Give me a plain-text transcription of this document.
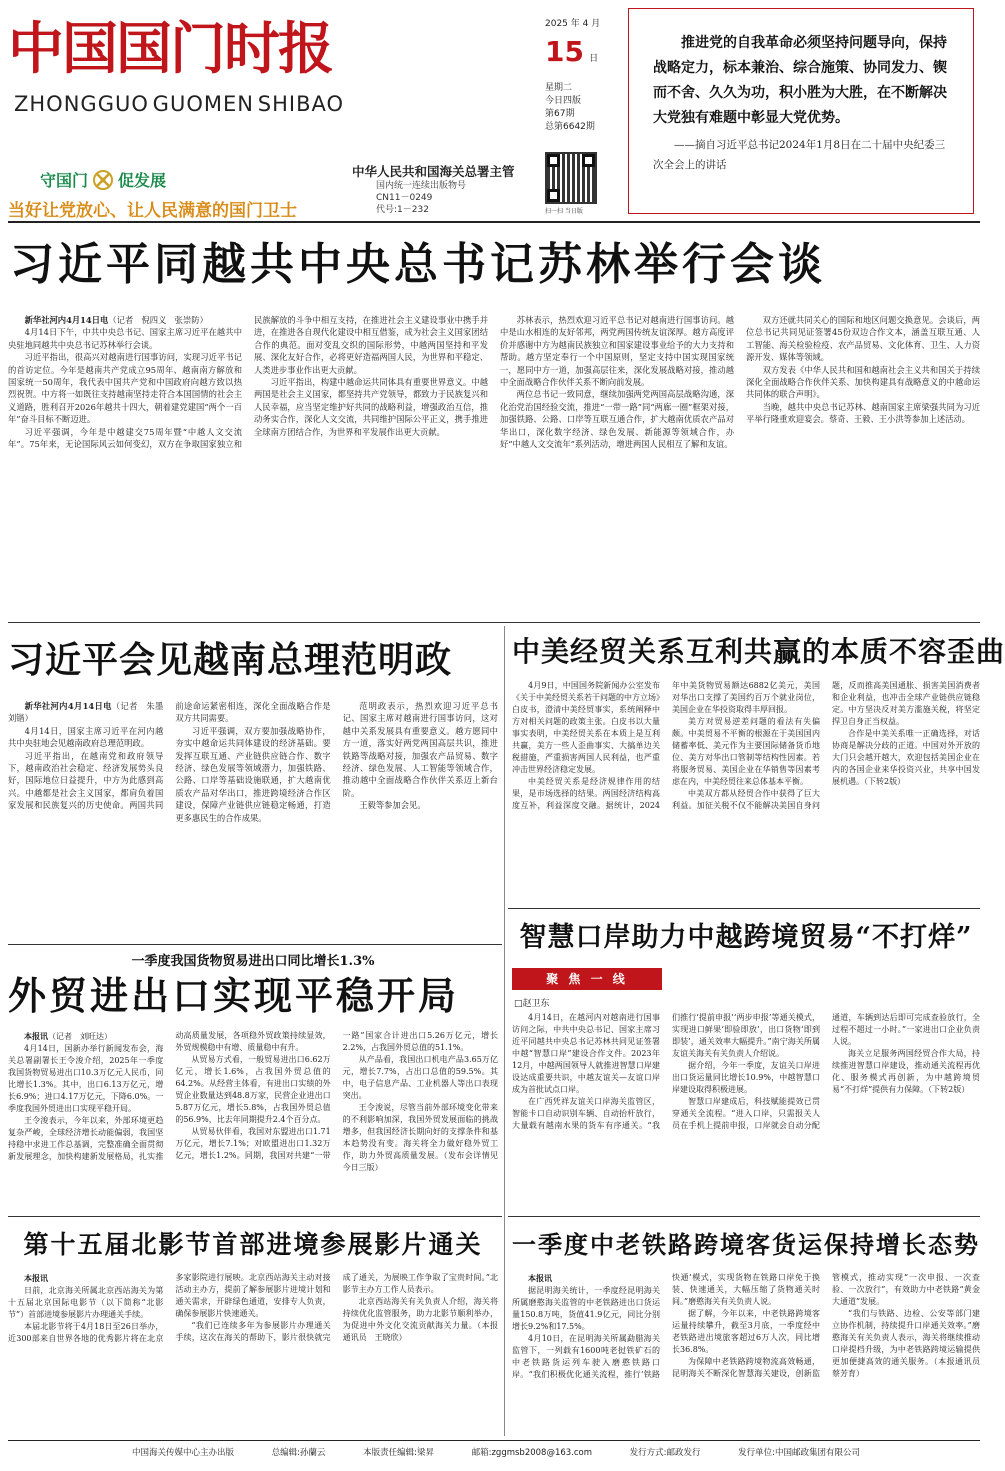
中国国门时报
ZHONGGUO GUOMEN SHIBAO
守国门 促发展
当好让党放心、让人民满意的国门卫士
中华人民共和国海关总署主管
国内统一连续出版物号
CN11－0249
代号:1－232
2025 年 4 月
15 日
星期二
今日四版
第67期
总第6642期
扫一扫 当日版
推进党的自我革命必须坚持问题导向，保持战略定力，标本兼治、综合施策、协同发力、锲而不舍、久久为功，积小胜为大胜，在不断解决大党独有难题中彰显大党优势。
——摘自习近平总书记2024年1月8日在二十届中央纪委三次全会上的讲话
习近平同越共中央总书记苏林举行会谈

新华社河内4月14日电（记者　倪四义　张崇防）

4月14日下午，中共中央总书记、国家主席习近平在越共中央驻地同越共中央总书记苏林举行会谈。

习近平指出，很高兴对越南进行国事访问，实现习近平书记的首访定位。今年是越南共产党成立95周年、越南南方解放和国家统一50周年，我代表中国共产党和中国政府向越方致以热烈祝贺。中方将一如既往支持越南坚持走符合本国国情的社会主义道路，胜利召开2026年越共十四大，朝着建党建国“两个一百年”奋斗目标不断迈进。

习近平强调，今年是中越建交75周年暨“中越人文交流年”。75年来，无论国际风云如何变幻，双方在争取国家独立和民族解放的斗争中相互支持，在推进社会主义建设事业中携手并进，在推进各自现代化建设中相互借鉴，成为社会主义国家团结合作的典范。面对变乱交织的国际形势，中越两国坚持和平发展、深化友好合作，必将更好造福两国人民，为世界和平稳定、人类进步事业作出更大贡献。

习近平指出，构建中越命运共同体具有重要世界意义。中越两国是社会主义国家，都坚持共产党领导，都致力于民族复兴和人民幸福，应当坚定维护好共同的战略利益，增强政治互信，推动务实合作，深化人文交流，共同维护国际公平正义，携手推进全球南方团结合作，为世界和平发展作出更大贡献。

苏林表示，热烈欢迎习近平总书记对越南进行国事访问。越中是山水相连的友好邻邦，两党两国传统友谊深厚。越方高度评价并感谢中方为越南民族独立和国家建设事业给予的大力支持和帮助。越方坚定奉行一个中国原则，坚定支持中国实现国家统一，愿同中方一道，加强高层往来，深化发展战略对接，推动越中全面战略合作伙伴关系不断向前发展。

两位总书记一致同意，继续加强两党两国高层战略沟通，深化治党治国经验交流，推进“一带一路”同“两廊一圈”框架对接，加强铁路、公路、口岸等互联互通合作，扩大越南优质农产品对华出口，深化数字经济、绿色发展、新能源等领域合作，办好“中越人文交流年”系列活动，增进两国人民相互了解和友谊。

双方还就共同关心的国际和地区问题交换意见。会谈后，两位总书记共同见证签署45份双边合作文本，涵盖互联互通、人工智能、海关检验检疫、农产品贸易、文化体育、卫生、人力资源开发、媒体等领域。

双方发表《中华人民共和国和越南社会主义共和国关于持续深化全面战略合作伙伴关系、加快构建具有战略意义的中越命运共同体的联合声明》。

当晚，越共中央总书记苏林、越南国家主席梁强共同为习近平举行隆重欢迎宴会。蔡奇、王毅、王小洪等参加上述活动。

习近平会见越南总理范明政

新华社河内4月14日电（记者　朱墨　刘锴）

4月14日，国家主席习近平在河内越共中央驻地会见越南政府总理范明政。

习近平指出，在越南党和政府领导下，越南政治社会稳定、经济发展势头良好，国际地位日益提升，中方为此感到高兴。中越都是社会主义国家，都肩负着国家发展和民族复兴的历史使命。两国共同前途命运紧密相连，深化全面战略合作是双方共同需要。

习近平强调，双方要加强战略协作，夯实中越命运共同体建设的经济基础。要发挥互联互通、产业链供应链合作、数字经济、绿色发展等领域潜力，加强铁路、公路、口岸等基础设施联通，扩大越南优质农产品对华出口，推进跨境经济合作区建设，保障产业链供应链稳定畅通，打造更多惠民生的合作成果。

范明政表示，热烈欢迎习近平总书记、国家主席对越南进行国事访问，这对越中关系发展具有重要意义。越方愿同中方一道，落实好两党两国高层共识，推进铁路等战略对接，加强农产品贸易、数字经济、绿色发展、人工智能等领域合作，推动越中全面战略合作伙伴关系迈上新台阶。

王毅等参加会见。

中美经贸关系互利共赢的本质不容歪曲

4月9日，中国国务院新闻办公室发布《关于中美经贸关系若干问题的中方立场》白皮书，澄清中美经贸事实，系统阐释中方对相关问题的政策主张。白皮书以大量事实表明，中美经贸关系在本质上是互利共赢，美方一些人歪曲事实、大搞单边关税措施，严重损害两国人民利益，也严重冲击世界经济稳定发展。

中美经贸关系是经济规律作用的结果，是市场选择的结果。两国经济结构高度互补，利益深度交融。据统计，2024年中美货物贸易额达6882亿美元，美国对华出口支撑了美国约百万个就业岗位，美国企业在华投资取得丰厚回报。

美方对贸易逆差问题的看法有失偏颇。中美贸易不平衡的根源在于美国国内储蓄率低、美元作为主要国际储备货币地位、美方对华出口管制等结构性因素。若将服务贸易、美国企业在华销售等因素考虑在内，中美经贸往来总体基本平衡。

中美双方都从经贸合作中获得了巨大利益。加征关税不仅不能解决美国自身问题，反而推高美国通胀、损害美国消费者和企业利益，也冲击全球产业链供应链稳定。中方坚决反对美方滥施关税，将坚定捍卫自身正当权益。

合作是中美关系唯一正确选择，对话协商是解决分歧的正道。中国对外开放的大门只会越开越大，欢迎包括美国企业在内的各国企业来华投资兴业，共享中国发展机遇。（下转2版）

一季度我国货物贸易进出口同比增长1.3%
外贸进出口实现平稳开局

本报讯（记者　刘旺达）

4月14日，国新办举行新闻发布会，海关总署副署长王令浚介绍，2025年一季度我国货物贸易进出口10.3万亿元人民币，同比增长1.3%。其中，出口6.13万亿元，增长6.9%；进口4.17万亿元，下降6.0%。一季度我国外贸进出口实现平稳开局。

王令浚表示，今年以来，外部环境更趋复杂严峻，全球经济增长动能偏弱，我国坚持稳中求进工作总基调，完整准确全面贯彻新发展理念，加快构建新发展格局，扎实推动高质量发展，各项稳外贸政策持续显效，外贸规模稳中有增、质量稳中有升。

从贸易方式看，一般贸易进出口6.62万亿元，增长1.6%，占我国外贸总值的64.2%。从经营主体看，有进出口实绩的外贸企业数量达到48.8万家，民营企业进出口5.87万亿元，增长5.8%，占我国外贸总值的56.9%，比去年同期提升2.4个百分点。

从贸易伙伴看，我国对东盟进出口1.71万亿元，增长7.1%；对欧盟进出口1.32万亿元，增长1.2%。同期，我国对共建“一带一路”国家合计进出口5.26万亿元，增长2.2%，占我国外贸总值的51.1%。

从产品看，我国出口机电产品3.65万亿元，增长7.7%，占出口总值的59.5%。其中，电子信息产品、工业机器人等出口表现突出。

王令浚说，尽管当前外部环境变化带来的不利影响加深，我国外贸发展面临的挑战增多，但我国经济长期向好的支撑条件和基本趋势没有变。海关将全力做好稳外贸工作，助力外贸高质量发展。（发布会详情见今日三版）

智慧口岸助力中越跨境贸易“不打烊”
聚 焦 一 线
□赵卫东

4月14日，在越河内对越南进行国事访问之际，中共中央总书记、国家主席习近平同越共中央总书记苏林共同见证签署中越“智慧口岸”建设合作文件。2023年12月，中越两国领导人就推进智慧口岸建设达成重要共识，中越友谊关—友谊口岸成为首批试点口岸。

在广西凭祥友谊关口岸海关监管区，智能卡口自动识别车辆、自动抬杆放行，大量载有越南水果的货车有序通关。“我们推行‘提前申报’‘两步申报’等通关模式，实现进口鲜果‘即验即放’，出口货物‘即到即装’，通关效率大幅提升。”南宁海关所属友谊关海关有关负责人介绍说。

据介绍，今年一季度，友谊关口岸进出口货运量同比增长10.9%，中越智慧口岸建设取得积极进展。

智慧口岸建成后，科技赋能提效已贯穿通关全流程。“进入口岸，只需报关人员在手机上提前申报，口岸就会自动分配通道，车辆到达后即可完成查验放行，全过程不超过一小时。”一家进出口企业负责人说。

海关立足服务两国经贸合作大局，持续推进智慧口岸建设，推动通关流程再优化、服务模式再创新，为中越跨境贸易“不打烊”提供有力保障。（下转2版）

一季度中老铁路跨境客货运保持增长态势

本报讯

据昆明海关统计，一季度经昆明海关所属磨憨海关监管的中老铁路进出口货运量150.8万吨，货值41.9亿元，同比分别增长9.2%和17.5%。

4月10日，在昆明海关所属勐腊海关监管下，一列载有1600吨老挝铁矿石的中老铁路货运列车驶入磨憨铁路口岸。“我们积极优化通关流程，推行‘铁路快通’模式，实现货物在铁路口岸免于换装、快速通关，大幅压缩了货物通关时间。”磨憨海关有关负责人说。

据了解，今年以来，中老铁路跨境客运量持续攀升，截至3月底，一季度经中老铁路进出境旅客超过6万人次，同比增长36.8%。

为保障中老铁路跨境物流高效畅通，昆明海关不断深化智慧海关建设，创新监管模式，推动实现“一次申报、一次查验、一次放行”，有效助力中老铁路“黄金大通道”发展。

“我们与铁路、边检、公安等部门建立协作机制，持续提升口岸通关效率。”磨憨海关有关负责人表示，海关将继续推动口岸提档升级，为中老铁路跨境运输提供更加便捷高效的通关服务。（本报通讯员　蔡芳育）

第十五届北影节首部进境参展影片通关

本报讯

日前，北京海关所属北京西站海关为第十五届北京国际电影节（以下简称“北影节”）首部进境参展影片办理通关手续。

本届北影节将于4月18日至26日举办，近300部来自世界各地的优秀影片将在北京多家影院进行展映。北京西站海关主动对接活动主办方，提前了解参展影片进境计划和通关需求，开辟绿色通道，安排专人负责，确保参展影片快速通关。

“我们已连续多年为参展影片办理通关手续，这次在海关的帮助下，影片很快就完成了通关，为展映工作争取了宝贵时间。”北影节主办方工作人员表示。

北京西站海关有关负责人介绍，海关将持续优化监管服务，助力北影节顺利举办，为促进中外文化交流贡献海关力量。（本报通讯员　王晓欣）

中国海关传媒中心主办出版	总编辑:孙蘭云	本版责任编辑:梁昇	邮箱:zggmsb2008@163.com	发行方式:邮政发行	发行单位:中国邮政集团有限公司
